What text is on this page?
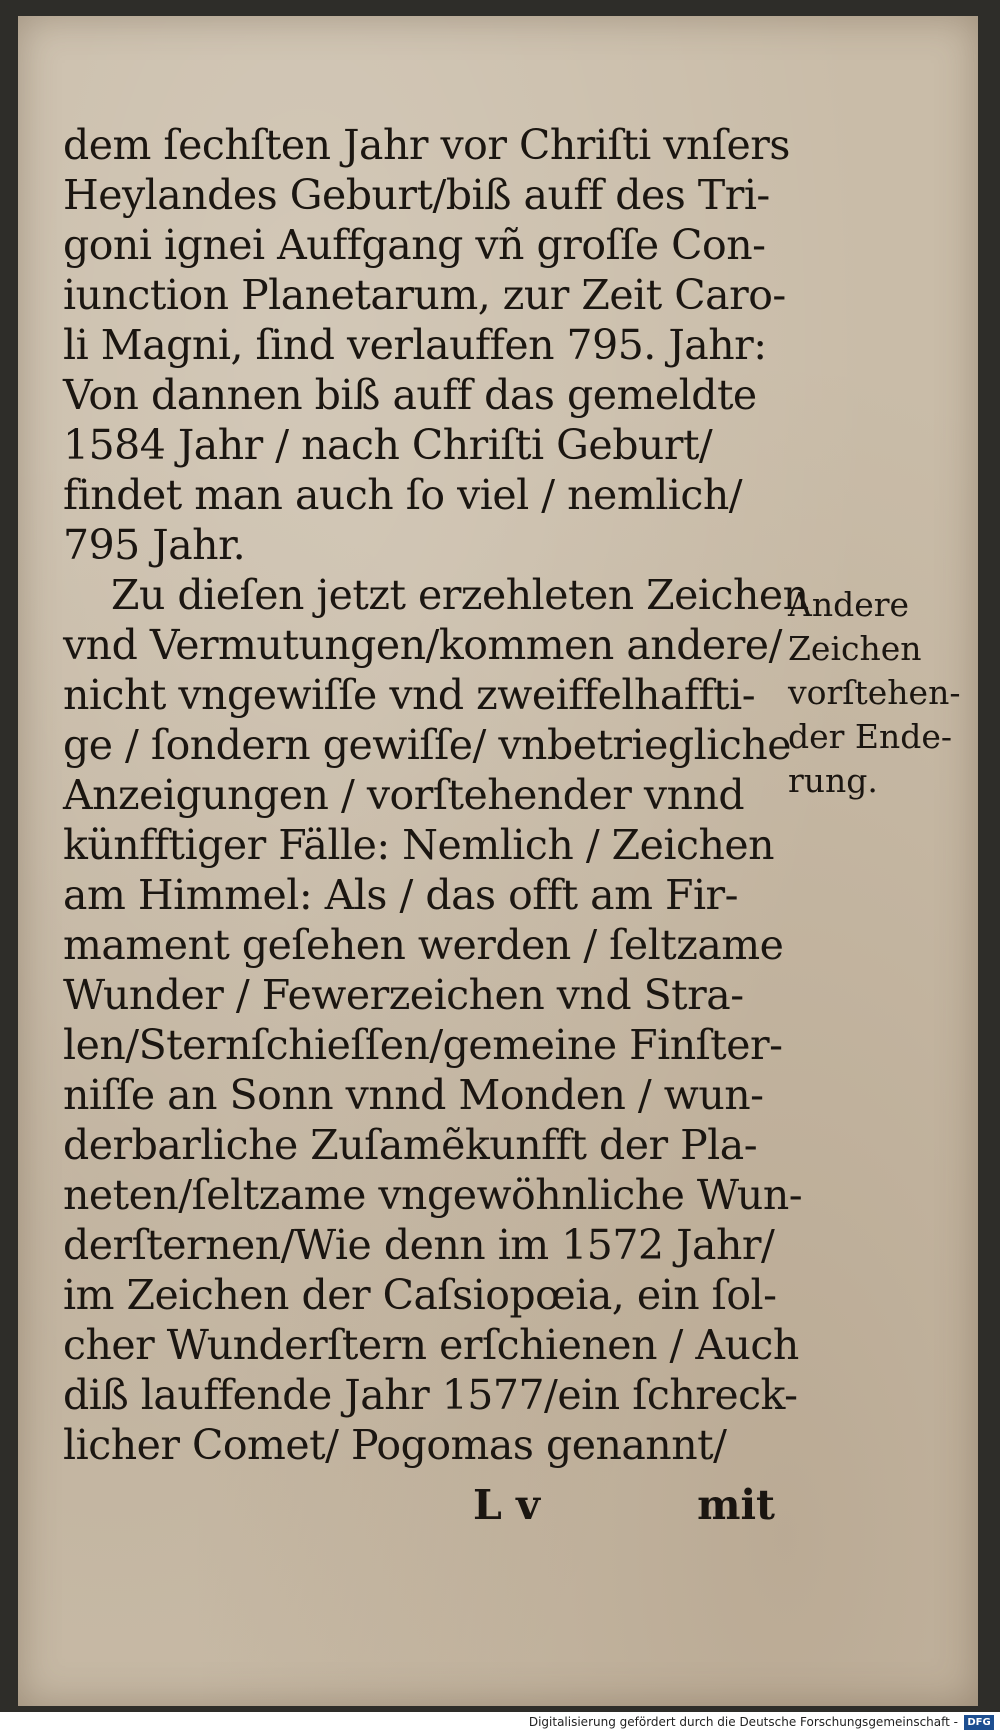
dem ſechſten Jahr vor Chriſti vnſers
Heylandes Geburt/biß auff des Tri-
goni ignei Auffgang vñ groſſe Con-
iunction Planetarum, zur Zeit Caro-
li Magni, ſind verlauffen 795. Jahr:
Von dannen biß auff das gemeldte
1584 Jahr / nach Chriſti Geburt/
findet man auch ſo viel / nemlich/
795 Jahr.
Zu dieſen jetzt erzehleten Zeichen
vnd Vermutungen/kommen andere/
nicht vngewiſſe vnd zweiffelhaffti-
ge / ſondern gewiſſe/ vnbetriegliche
Anzeigungen / vorſtehender vnnd
künfftiger Fälle: Nemlich / Zeichen
am Himmel: Als / das offt am Fir-
mament geſehen werden / ſeltzame
Wunder / Fewerzeichen vnd Stra-
len/Sternſchieſſen/gemeine Finſter-
niſſe an Sonn vnnd Monden / wun-
derbarliche Zuſamẽkunfft der Pla-
neten/ſeltzame vngewöhnliche Wun-
derſternen/Wie denn im 1572 Jahr/
im Zeichen der Caſsiopœia, ein ſol-
cher Wunderſtern erſchienen / Auch
diß lauffende Jahr 1577/ein ſchreck-
licher Comet/ Pogomas genannt/
Andere
Zeichen
vorſtehen-
der Ende-
rung.
L v	mit
Digitalisierung gefördert durch die Deutsche Forschungsgemeinschaft - DFG
